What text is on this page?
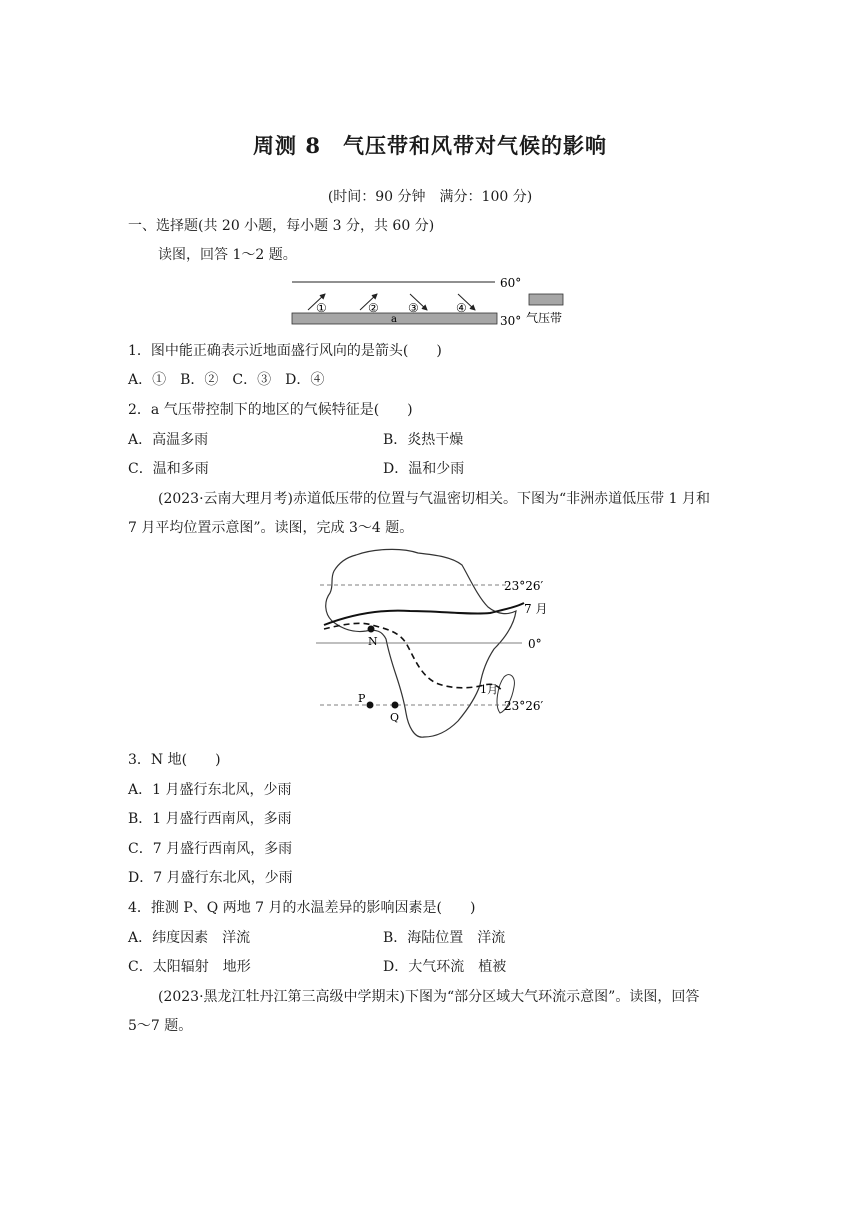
周测 8　气压带和风带对气候的影响
(时间：90 分钟　满分：100 分)
一、选择题(共 20 小题，每小题 3 分，共 60 分)
读图，回答 1～2 题。
60°
a	30°
①	② ③	④
气压带
1．图中能正确表示近地面盛行风向的是箭头(　　)
A．①　B．②　C．③　D．④
2．a 气压带控制下的地区的气候特征是(　　)
A．高温多雨	B．炎热干燥
C．温和多雨	D．温和少雨
(2023·云南大理月考)赤道低压带的位置与气温密切相关。下图为“非洲赤道低压带 1 月和
7 月平均位置示意图”。读图，完成 3～4 题。
23°26′
0°
23°26′
7 月
1月
N
P
Q
3．N 地(　　)
A．1 月盛行东北风，少雨
B．1 月盛行西南风，多雨
C．7 月盛行西南风，多雨
D．7 月盛行东北风，少雨
4．推测 P、Q 两地 7 月的水温差异的影响因素是(　　)
A．纬度因素　洋流	B．海陆位置　洋流
C．太阳辐射　地形	D．大气环流　植被
(2023·黑龙江牡丹江第三高级中学期末)下图为“部分区域大气环流示意图”。读图，回答
5～7 题。
